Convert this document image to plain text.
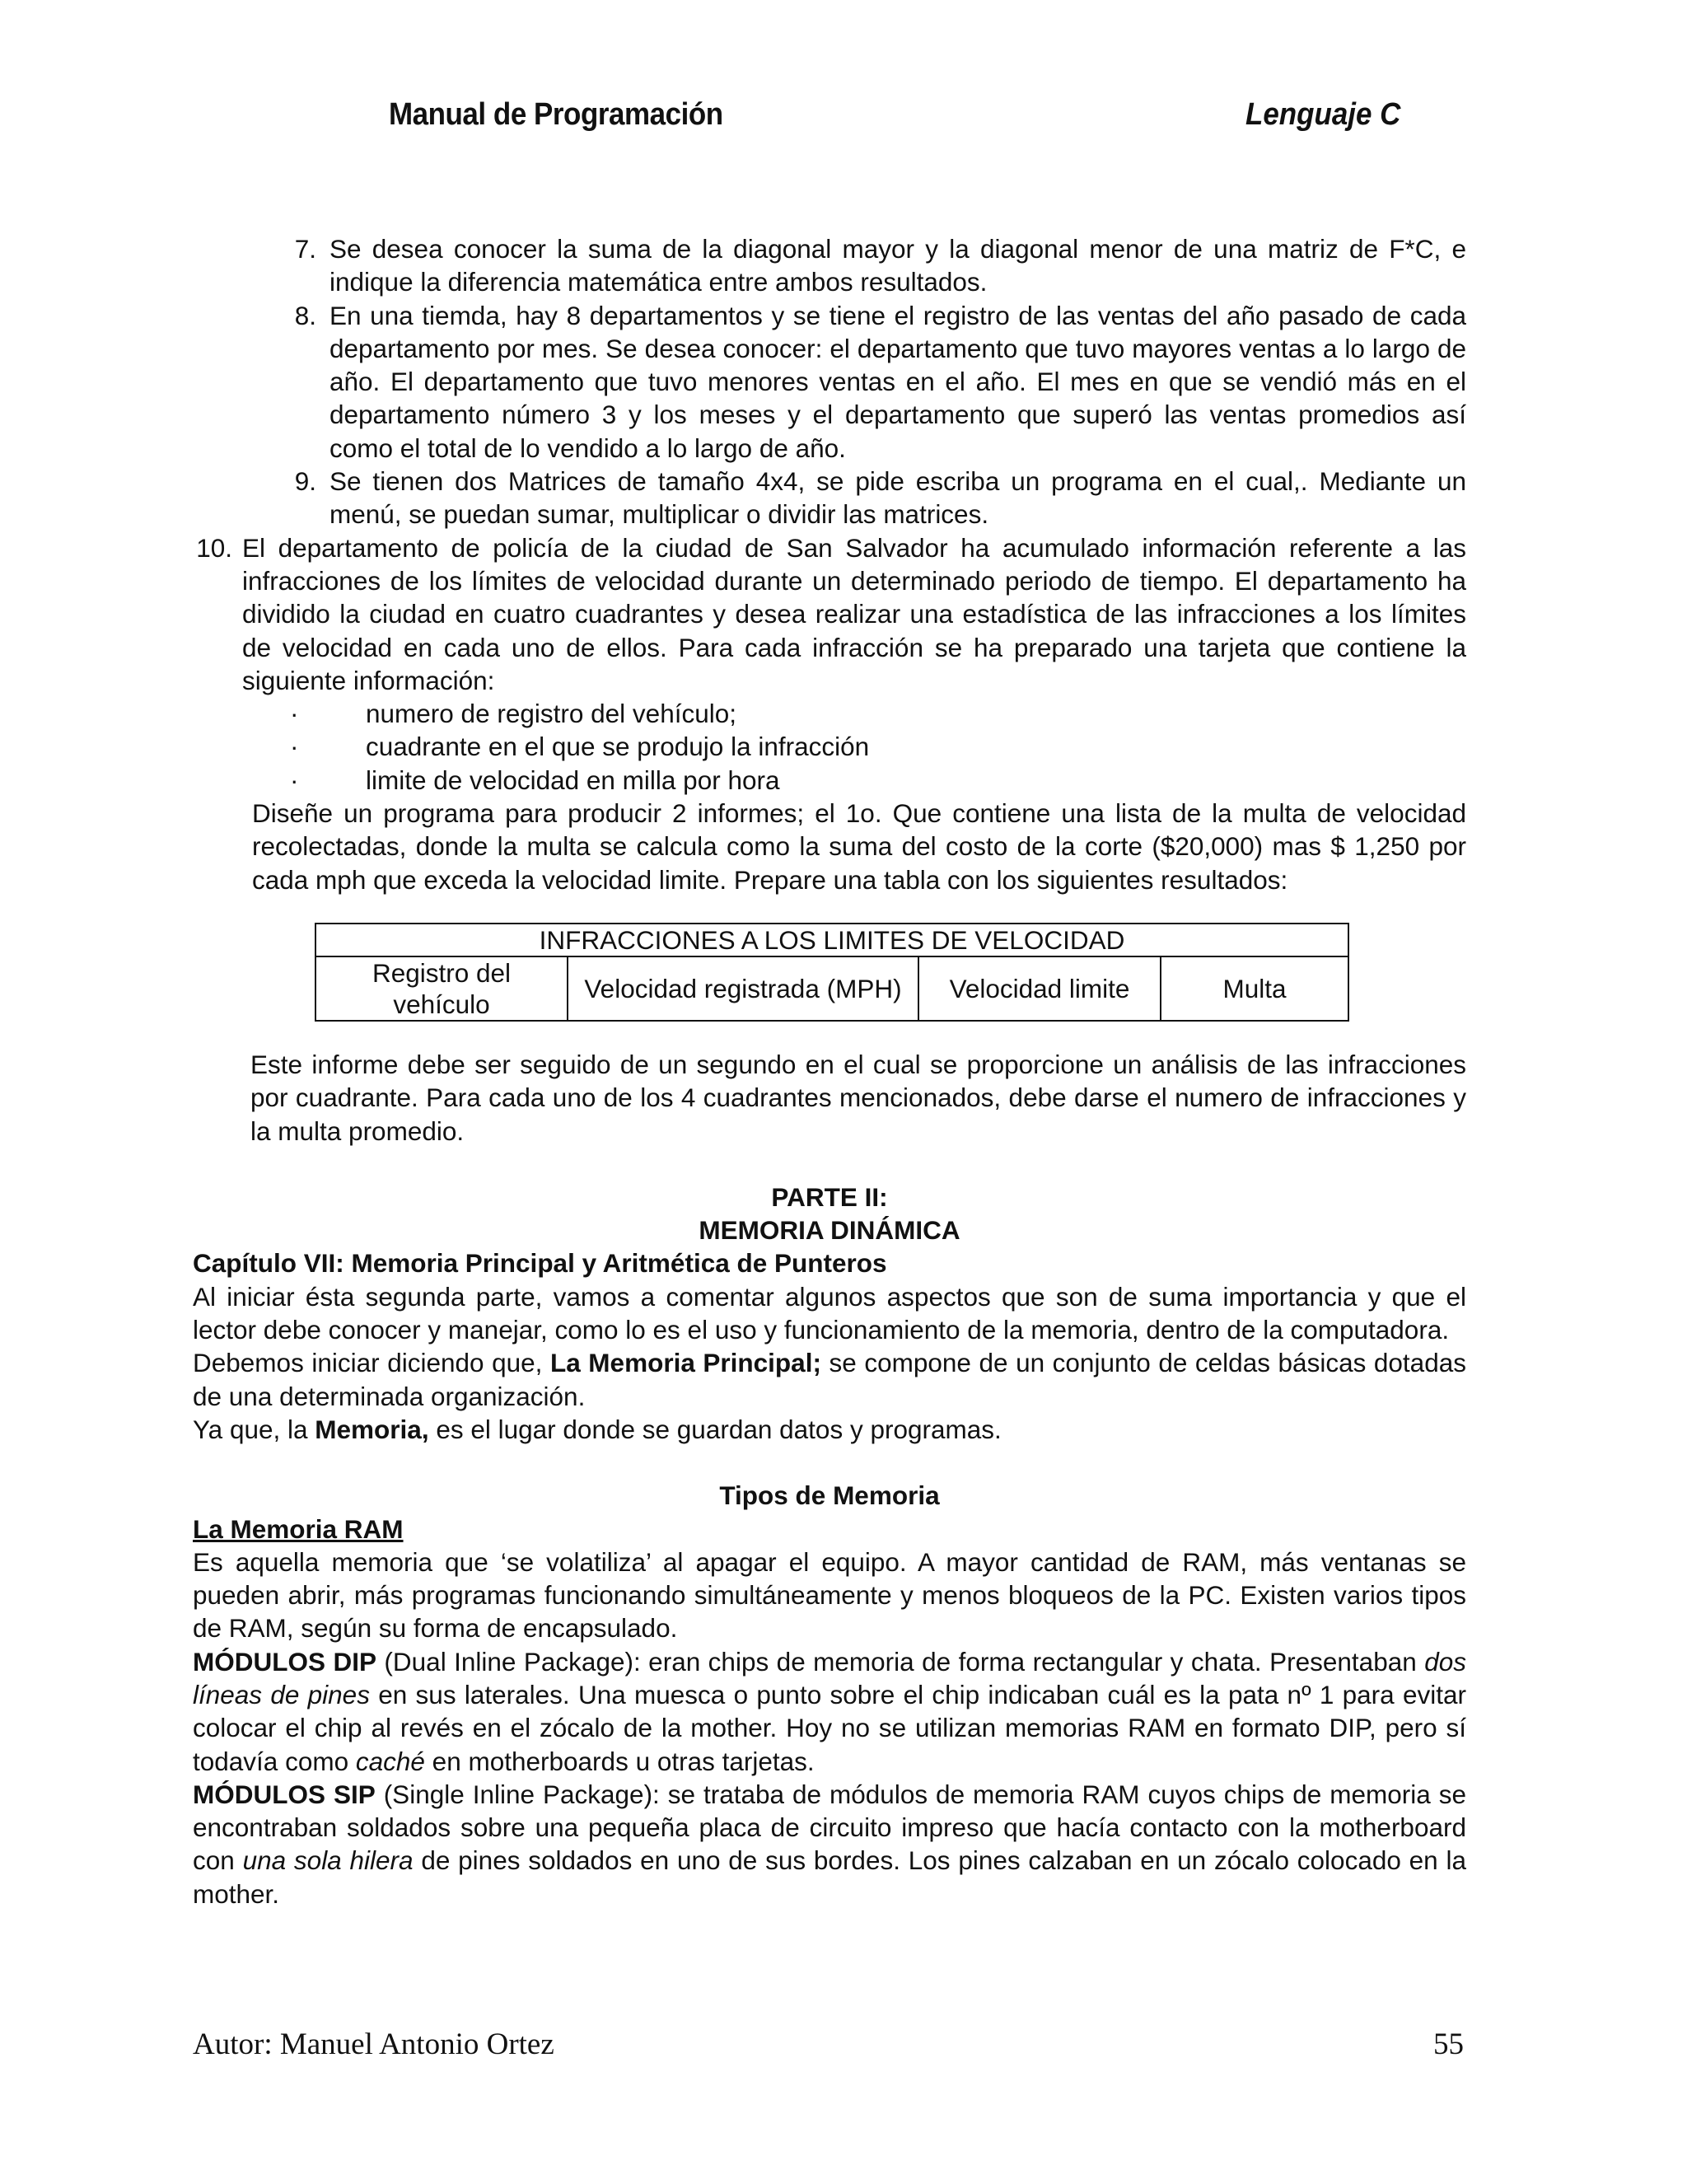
Manual de Programación	Lenguaje C
7. Se desea conocer la suma de la diagonal mayor y la diagonal menor de una matriz de F*C, e indique la diferencia matemática entre ambos resultados.
8. En una tiemda, hay 8 departamentos y se tiene el registro de las ventas del año pasado de cada departamento por mes. Se desea conocer: el departamento que tuvo mayores ventas a lo largo de año. El departamento que tuvo menores ventas en el año. El mes en que se vendió más en el departamento número 3 y los meses y el departamento que superó las ventas promedios así como el total de lo vendido a lo largo de año.
9. Se tienen dos Matrices de tamaño 4x4, se pide escriba un programa en el cual,. Mediante un menú, se puedan sumar, multiplicar o dividir las matrices.
10. El departamento de policía de la ciudad de San Salvador ha acumulado información referente a las infracciones de los límites de velocidad durante un determinado periodo de tiempo. El departamento ha dividido la ciudad en cuatro cuadrantes y desea realizar una estadística de las infracciones a los límites de velocidad en cada uno de ellos. Para cada infracción se ha preparado una tarjeta que contiene la siguiente información:
·	numero de registro del vehículo;
·	cuadrante en el que se produjo la infracción
·	limite de velocidad en milla por hora

Diseñe un programa para producir 2 informes; el 1o. Que contiene una lista de la multa de velocidad recolectadas, donde la multa se calcula como la suma del costo de la corte ($20,000) mas $ 1,250 por cada mph que exceda la velocidad limite. Prepare una tabla con los siguientes resultados:

INFRACCIONES A LOS LIMITES DE VELOCIDAD
Registro del vehículo	Velocidad registrada (MPH)	Velocidad limite	Multa

Este informe debe ser seguido de un segundo en el cual se proporcione un análisis de las infracciones por cuadrante. Para cada uno de los 4 cuadrantes mencionados, debe darse el numero de infracciones y la multa promedio.

PARTE II:

MEMORIA DINÁMICA

Capítulo VII: Memoria Principal y Aritmética de Punteros

Al iniciar ésta segunda parte, vamos a comentar algunos aspectos que son de suma importancia y que el lector debe conocer y manejar, como lo es el uso y funcionamiento de la memoria, dentro de la computadora.

Debemos iniciar diciendo que, La Memoria Principal; se compone de un conjunto de celdas básicas dotadas de una determinada organización.

Ya que, la Memoria, es el lugar donde se guardan datos y programas.

Tipos de Memoria

La Memoria RAM

Es aquella memoria que ‘se volatiliza’ al apagar el equipo. A mayor cantidad de RAM, más ventanas se pueden abrir, más programas funcionando simultáneamente y menos bloqueos de la PC. Existen varios tipos de RAM, según su forma de encapsulado.

MÓDULOS DIP (Dual Inline Package): eran chips de memoria de forma rectangular y chata. Presentaban dos líneas de pines en sus laterales. Una muesca o punto sobre el chip indicaban cuál es la pata nº 1 para evitar colocar el chip al revés en el zócalo de la mother. Hoy no se utilizan memorias RAM en formato DIP, pero sí todavía como caché en motherboards u otras tarjetas.

MÓDULOS SIP (Single Inline Package): se trataba de módulos de memoria RAM cuyos chips de memoria se encontraban soldados sobre una pequeña placa de circuito impreso que hacía contacto con la motherboard con una sola hilera de pines soldados en uno de sus bordes. Los pines calzaban en un zócalo colocado en la mother.

Autor: Manuel Antonio Ortez	55
